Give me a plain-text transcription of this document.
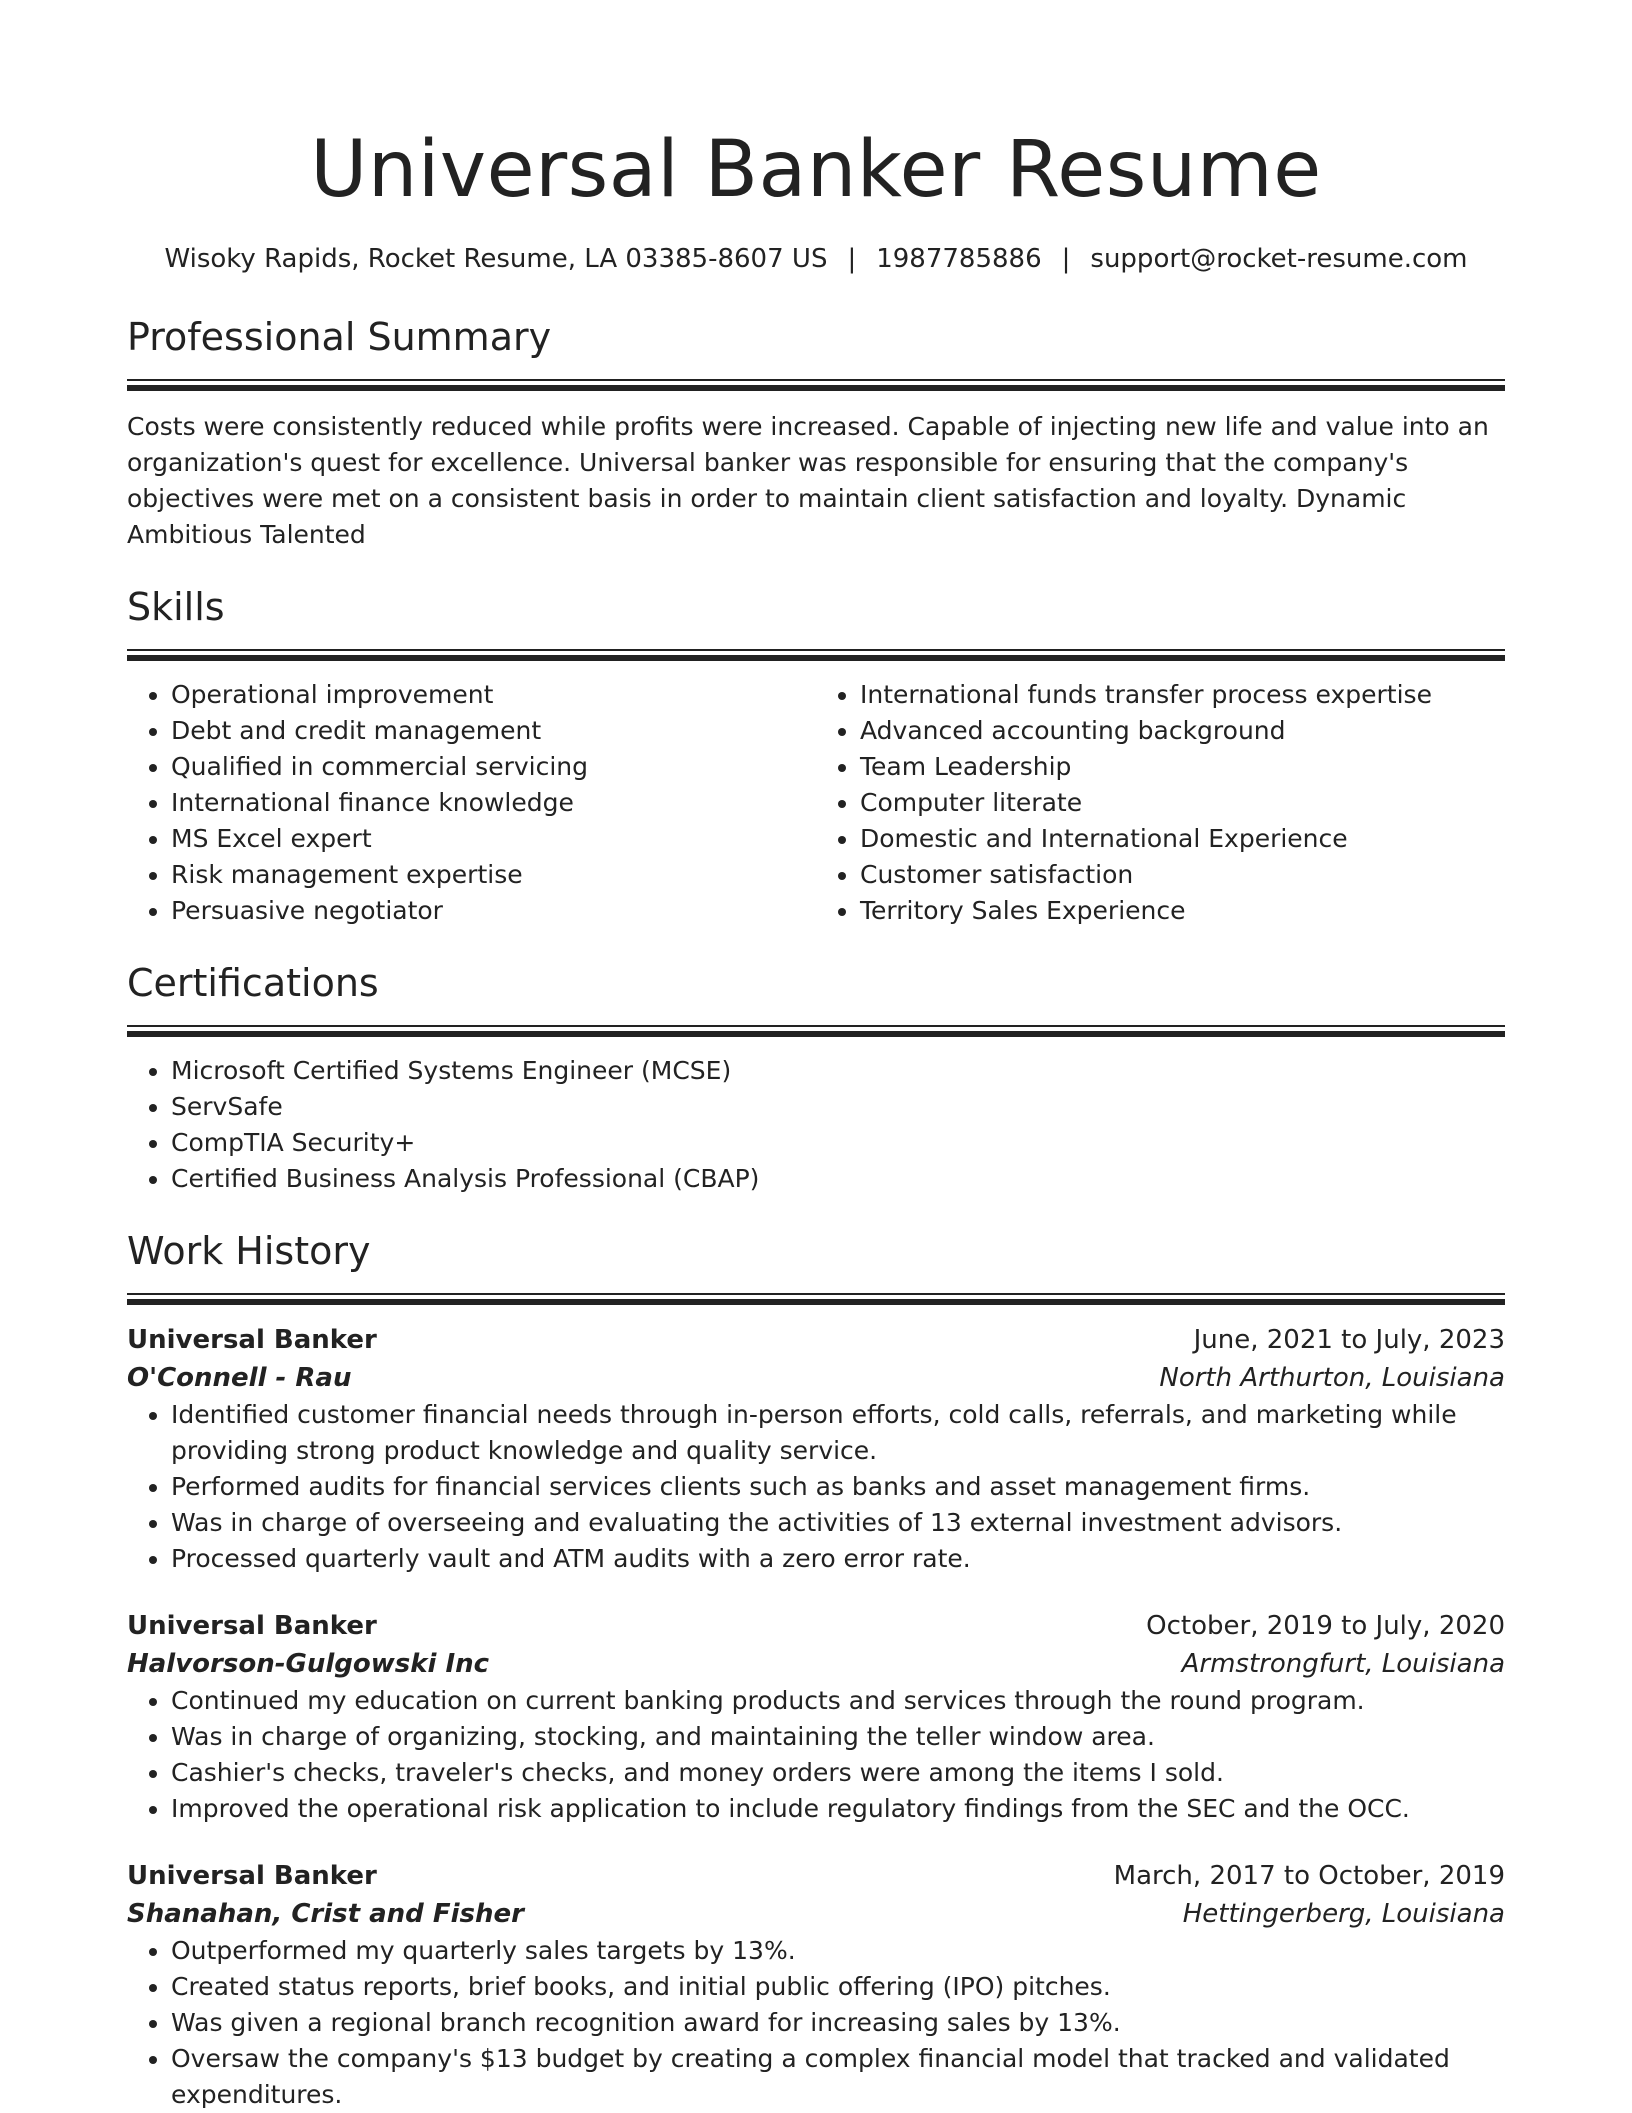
Universal Banker Resume
Wisoky Rapids, Rocket Resume, LA 03385-8607 US | 1987785886 | support@rocket-resume.com
Professional Summary
Costs were consistently reduced while profits were increased. Capable of injecting new life and value into an organization's quest for excellence. Universal banker was responsible for ensuring that the company's objectives were met on a consistent basis in order to maintain client satisfaction and loyalty. Dynamic Ambitious Talented
Skills
• Operational improvement
• Debt and credit management
• Qualified in commercial servicing
• International finance knowledge
• MS Excel expert
• Risk management expertise
• Persuasive negotiator
• International funds transfer process expertise
• Advanced accounting background
• Team Leadership
• Computer literate
• Domestic and International Experience
• Customer satisfaction
• Territory Sales Experience
Certifications
• Microsoft Certified Systems Engineer (MCSE)
• ServSafe
• CompTIA Security+
• Certified Business Analysis Professional (CBAP)
Work History
Universal Banker	June, 2021 to July, 2023
O'Connell - Rau	North Arthurton, Louisiana
• Identified customer financial needs through in-person efforts, cold calls, referrals, and marketing while providing strong product knowledge and quality service.
• Performed audits for financial services clients such as banks and asset management firms.
• Was in charge of overseeing and evaluating the activities of 13 external investment advisors.
• Processed quarterly vault and ATM audits with a zero error rate.
Universal Banker	October, 2019 to July, 2020
Halvorson-Gulgowski Inc	Armstrongfurt, Louisiana
• Continued my education on current banking products and services through the round program.
• Was in charge of organizing, stocking, and maintaining the teller window area.
• Cashier's checks, traveler's checks, and money orders were among the items I sold.
• Improved the operational risk application to include regulatory findings from the SEC and the OCC.
Universal Banker	March, 2017 to October, 2019
Shanahan, Crist and Fisher	Hettingerberg, Louisiana
• Outperformed my quarterly sales targets by 13%.
• Created status reports, brief books, and initial public offering (IPO) pitches.
• Was given a regional branch recognition award for increasing sales by 13%.
• Oversaw the company's $13 budget by creating a complex financial model that tracked and validated expenditures.
